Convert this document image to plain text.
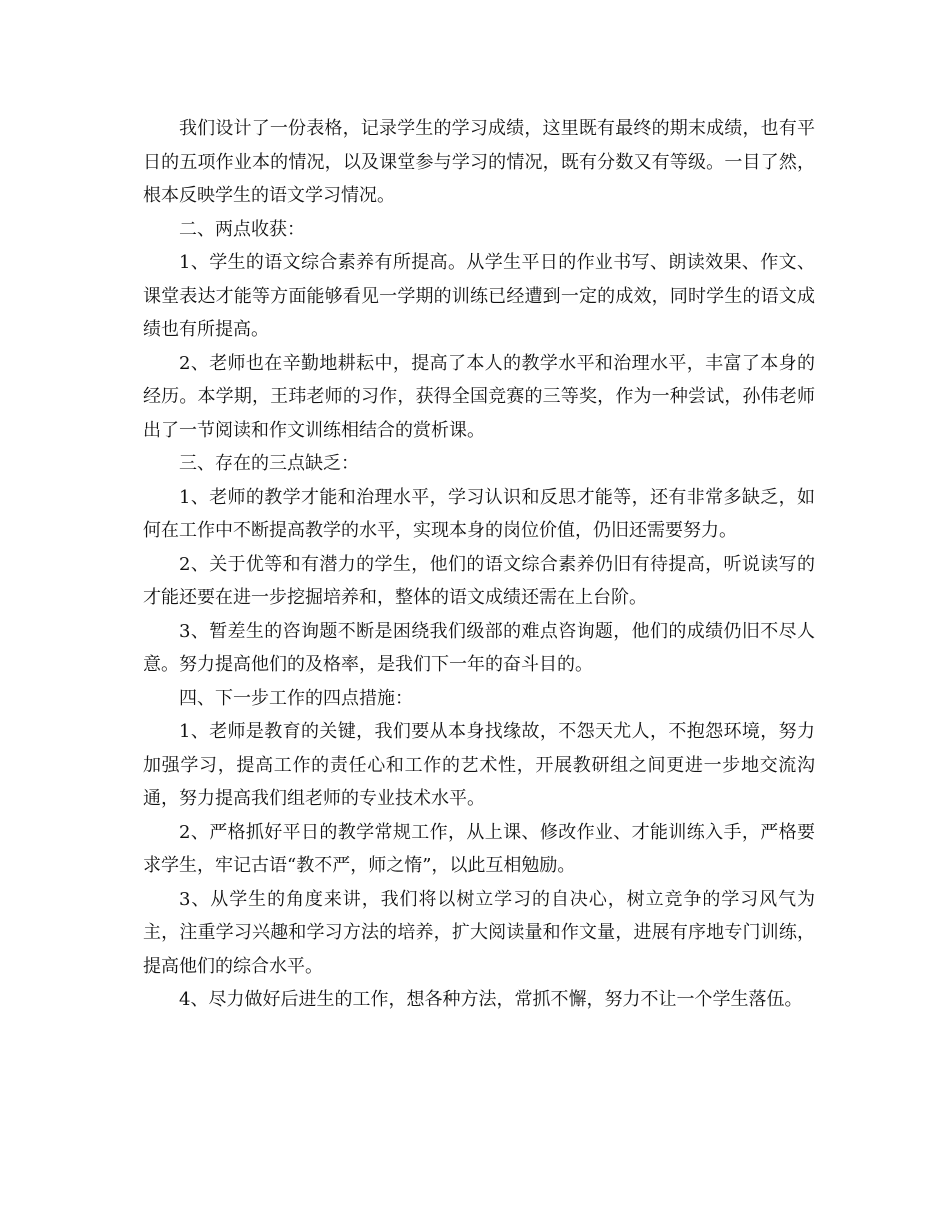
我们设计了一份表格，记录学生的学习成绩，这里既有最终的期末成绩，也有平日的五项作业本的情况，以及课堂参与学习的情况，既有分数又有等级。一目了然，根本反映学生的语文学习情况。

二、两点收获：

1、学生的语文综合素养有所提高。从学生平日的作业书写、朗读效果、作文、课堂表达才能等方面能够看见一学期的训练已经遭到一定的成效，同时学生的语文成绩也有所提高。

2、老师也在辛勤地耕耘中，提高了本人的教学水平和治理水平，丰富了本身的经历。本学期，王玮老师的习作，获得全国竞赛的三等奖，作为一种尝试，孙伟老师出了一节阅读和作文训练相结合的赏析课。

三、存在的三点缺乏：

1、老师的教学才能和治理水平，学习认识和反思才能等，还有非常多缺乏，如何在工作中不断提高教学的水平，实现本身的岗位价值，仍旧还需要努力。

2、关于优等和有潜力的学生，他们的语文综合素养仍旧有待提高，听说读写的才能还要在进一步挖掘培养和，整体的语文成绩还需在上台阶。

3、暂差生的咨询题不断是困绕我们级部的难点咨询题，他们的成绩仍旧不尽人意。努力提高他们的及格率，是我们下一年的奋斗目的。

四、下一步工作的四点措施：

1、老师是教育的关键，我们要从本身找缘故，不怨天尤人，不抱怨环境，努力加强学习，提高工作的责任心和工作的艺术性，开展教研组之间更进一步地交流沟通，努力提高我们组老师的专业技术水平。

2、严格抓好平日的教学常规工作，从上课、修改作业、才能训练入手，严格要求学生，牢记古语“教不严，师之惰”，以此互相勉励。

3、从学生的角度来讲，我们将以树立学习的自决心，树立竞争的学习风气为主，注重学习兴趣和学习方法的培养，扩大阅读量和作文量，进展有序地专门训练，提高他们的综合水平。

4、尽力做好后进生的工作，想各种方法，常抓不懈，努力不让一个学生落伍。
